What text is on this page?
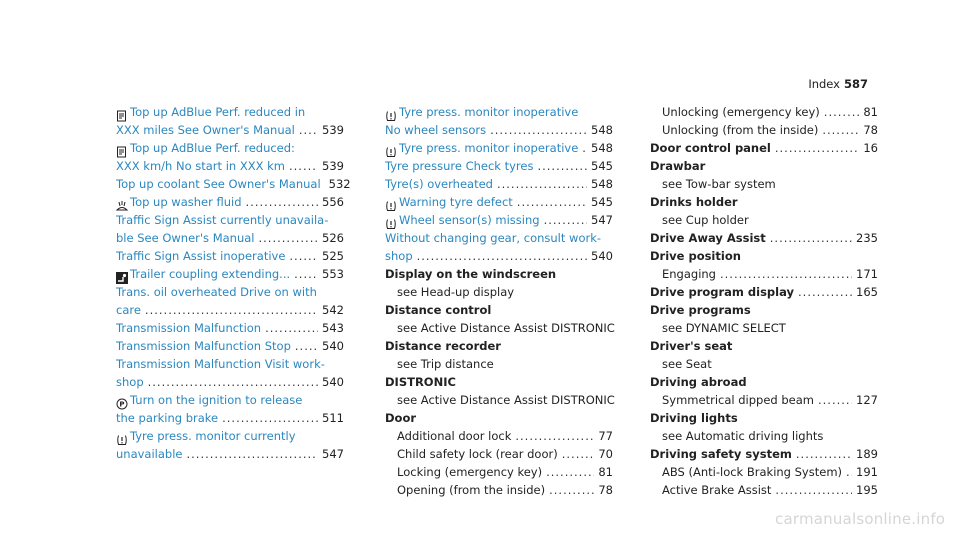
Index 587
Top up AdBlue Perf. reduced in
XXX miles See Owner's Manual ..... 539
Top up AdBlue Perf. reduced:
XXX km/h No start in XXX km .....	539
Top up coolant See Owner's Manual 532
Top up washer fluid .....	556
Traffic Sign Assist currently unavaila-
ble See Owner's Manual .....	526
Traffic Sign Assist inoperative .....	525
Trailer coupling extending... .....	553
Trans. oil overheated Drive on with
care .....	542
Transmission Malfunction .....	543
Transmission Malfunction Stop .....	540
Transmission Malfunction Visit work-
shop .....	540
P Turn on the ignition to release
the parking brake .....	511
Tyre press. monitor currently
unavailable .....	547
Tyre press. monitor inoperative
No wheel sensors .....	548
Tyre press. monitor inoperative ..... 548
Tyre pressure Check tyres .....	545
Tyre(s) overheated .....	548
Warning tyre defect .....	545
Wheel sensor(s) missing .....	547
Without changing gear, consult work-
shop .....	540
Display on the windscreen
see Head-up display
Distance control
see Active Distance Assist DISTRONIC
Distance recorder
see Trip distance
DISTRONIC
see Active Distance Assist DISTRONIC
Door
Additional door lock .....	77
Child safety lock (rear door) .....	70
Locking (emergency key) .....	81
Opening (from the inside) .....	78
Unlocking (emergency key) .....	81
Unlocking (from the inside) .....	78
Door control panel .....	16
Drawbar
see Tow-bar system
Drinks holder
see Cup holder
Drive Away Assist .....	235
Drive position
Engaging .....	171
Drive program display .....	165
Drive programs
see DYNAMIC SELECT
Driver's seat
see Seat
Driving abroad
Symmetrical dipped beam .....	127
Driving lights
see Automatic driving lights
Driving safety system .....	189
ABS (Anti-lock Braking System) ..... 191
Active Brake Assist .....	195
carmanualsonline.info
